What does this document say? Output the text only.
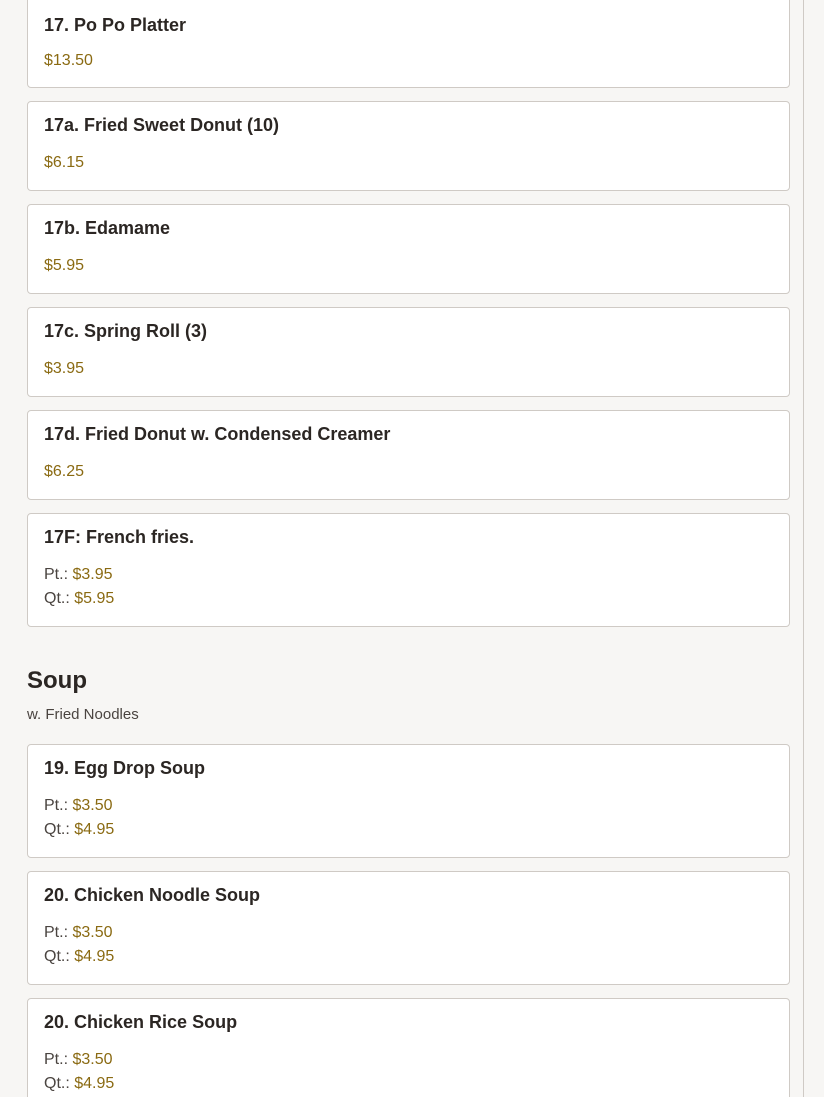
17. Po Po Platter

$13.50

17a. Fried Sweet Donut (10)

$6.15

17b. Edamame

$5.95

17c. Spring Roll (3)

$3.95

17d. Fried Donut w. Condensed Creamer

$6.25

17F: French fries.

Pt.: $3.95
Qt.: $5.95
Soup
w. Fried Noodles

19. Egg Drop Soup

Pt.: $3.50
Qt.: $4.95

20. Chicken Noodle Soup

Pt.: $3.50
Qt.: $4.95

20. Chicken Rice Soup

Pt.: $3.50
Qt.: $4.95
